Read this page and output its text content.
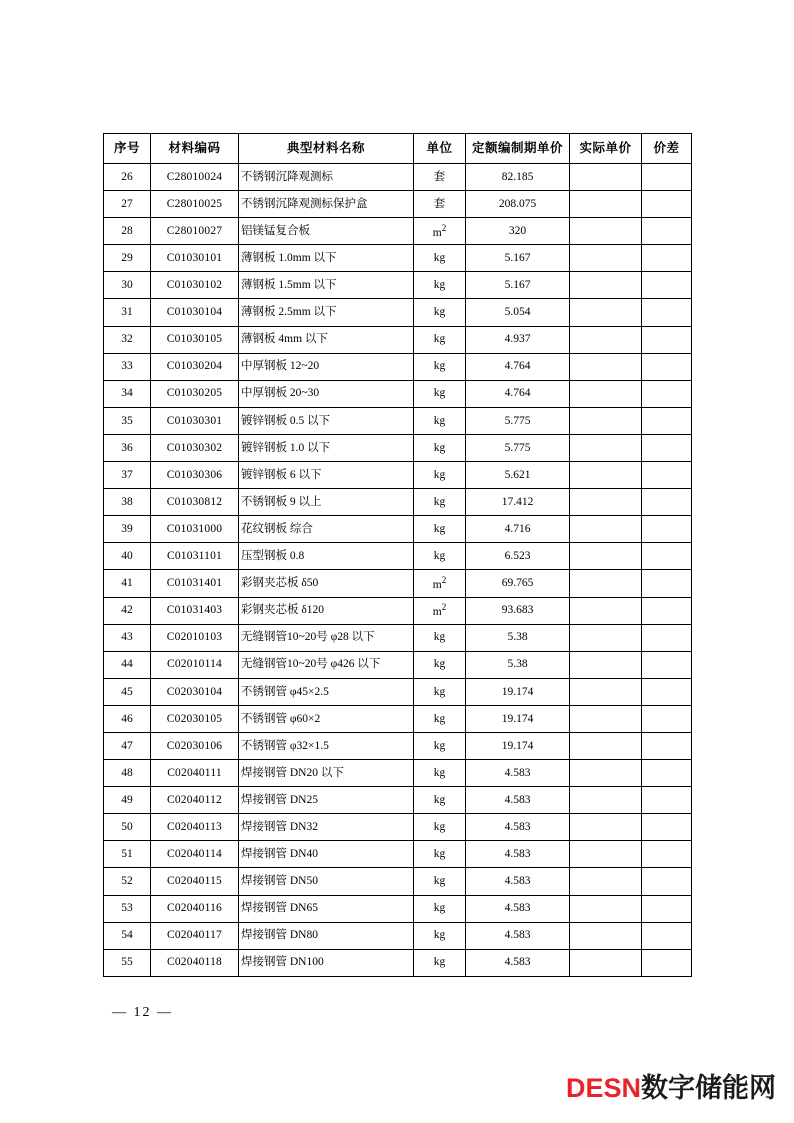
序号	材料编码	典型材料名称	单位	定额编制期单价	实际单价	价差
26	C28010024	不锈钢沉降观测标	套	82.185		
27	C28010025	不锈钢沉降观测标保护盒	套	208.075		
28	C28010027	铝镁锰复合板	$m^2$	320		
29	C01030101	薄钢板 1.0mm 以下	kg	5.167		
30	C01030102	薄钢板 1.5mm 以下	kg	5.167		
31	C01030104	薄钢板 2.5mm 以下	kg	5.054		
32	C01030105	薄钢板 4mm 以下	kg	4.937		
33	C01030204	中厚钢板 12~20	kg	4.764		
34	C01030205	中厚钢板 20~30	kg	4.764		
35	C01030301	镀锌钢板 0.5 以下	kg	5.775		
36	C01030302	镀锌钢板 1.0 以下	kg	5.775		
37	C01030306	镀锌钢板 6 以下	kg	5.621		
38	C01030812	不锈钢板 9 以上	kg	17.412		
39	C01031000	花纹钢板 综合	kg	4.716		
40	C01031101	压型钢板 0.8	kg	6.523		
41	C01031401	彩钢夹芯板 δ50	$m^2$	69.765		
42	C01031403	彩钢夹芯板 δ120	$m^2$	93.683		
43	C02010103	无缝钢管10~20号 φ28 以下	kg	5.38		
44	C02010114	无缝钢管10~20号 φ426 以下	kg	5.38		
45	C02030104	不锈钢管 φ45×2.5	kg	19.174		
46	C02030105	不锈钢管 φ60×2	kg	19.174		
47	C02030106	不锈钢管 φ32×1.5	kg	19.174		
48	C02040111	焊接钢管 DN20 以下	kg	4.583		
49	C02040112	焊接钢管 DN25	kg	4.583		
50	C02040113	焊接钢管 DN32	kg	4.583		
51	C02040114	焊接钢管 DN40	kg	4.583		
52	C02040115	焊接钢管 DN50	kg	4.583		
53	C02040116	焊接钢管 DN65	kg	4.583		
54	C02040117	焊接钢管 DN80	kg	4.583		
55	C02040118	焊接钢管 DN100	kg	4.583		
— 12 —
DESN数字储能网
